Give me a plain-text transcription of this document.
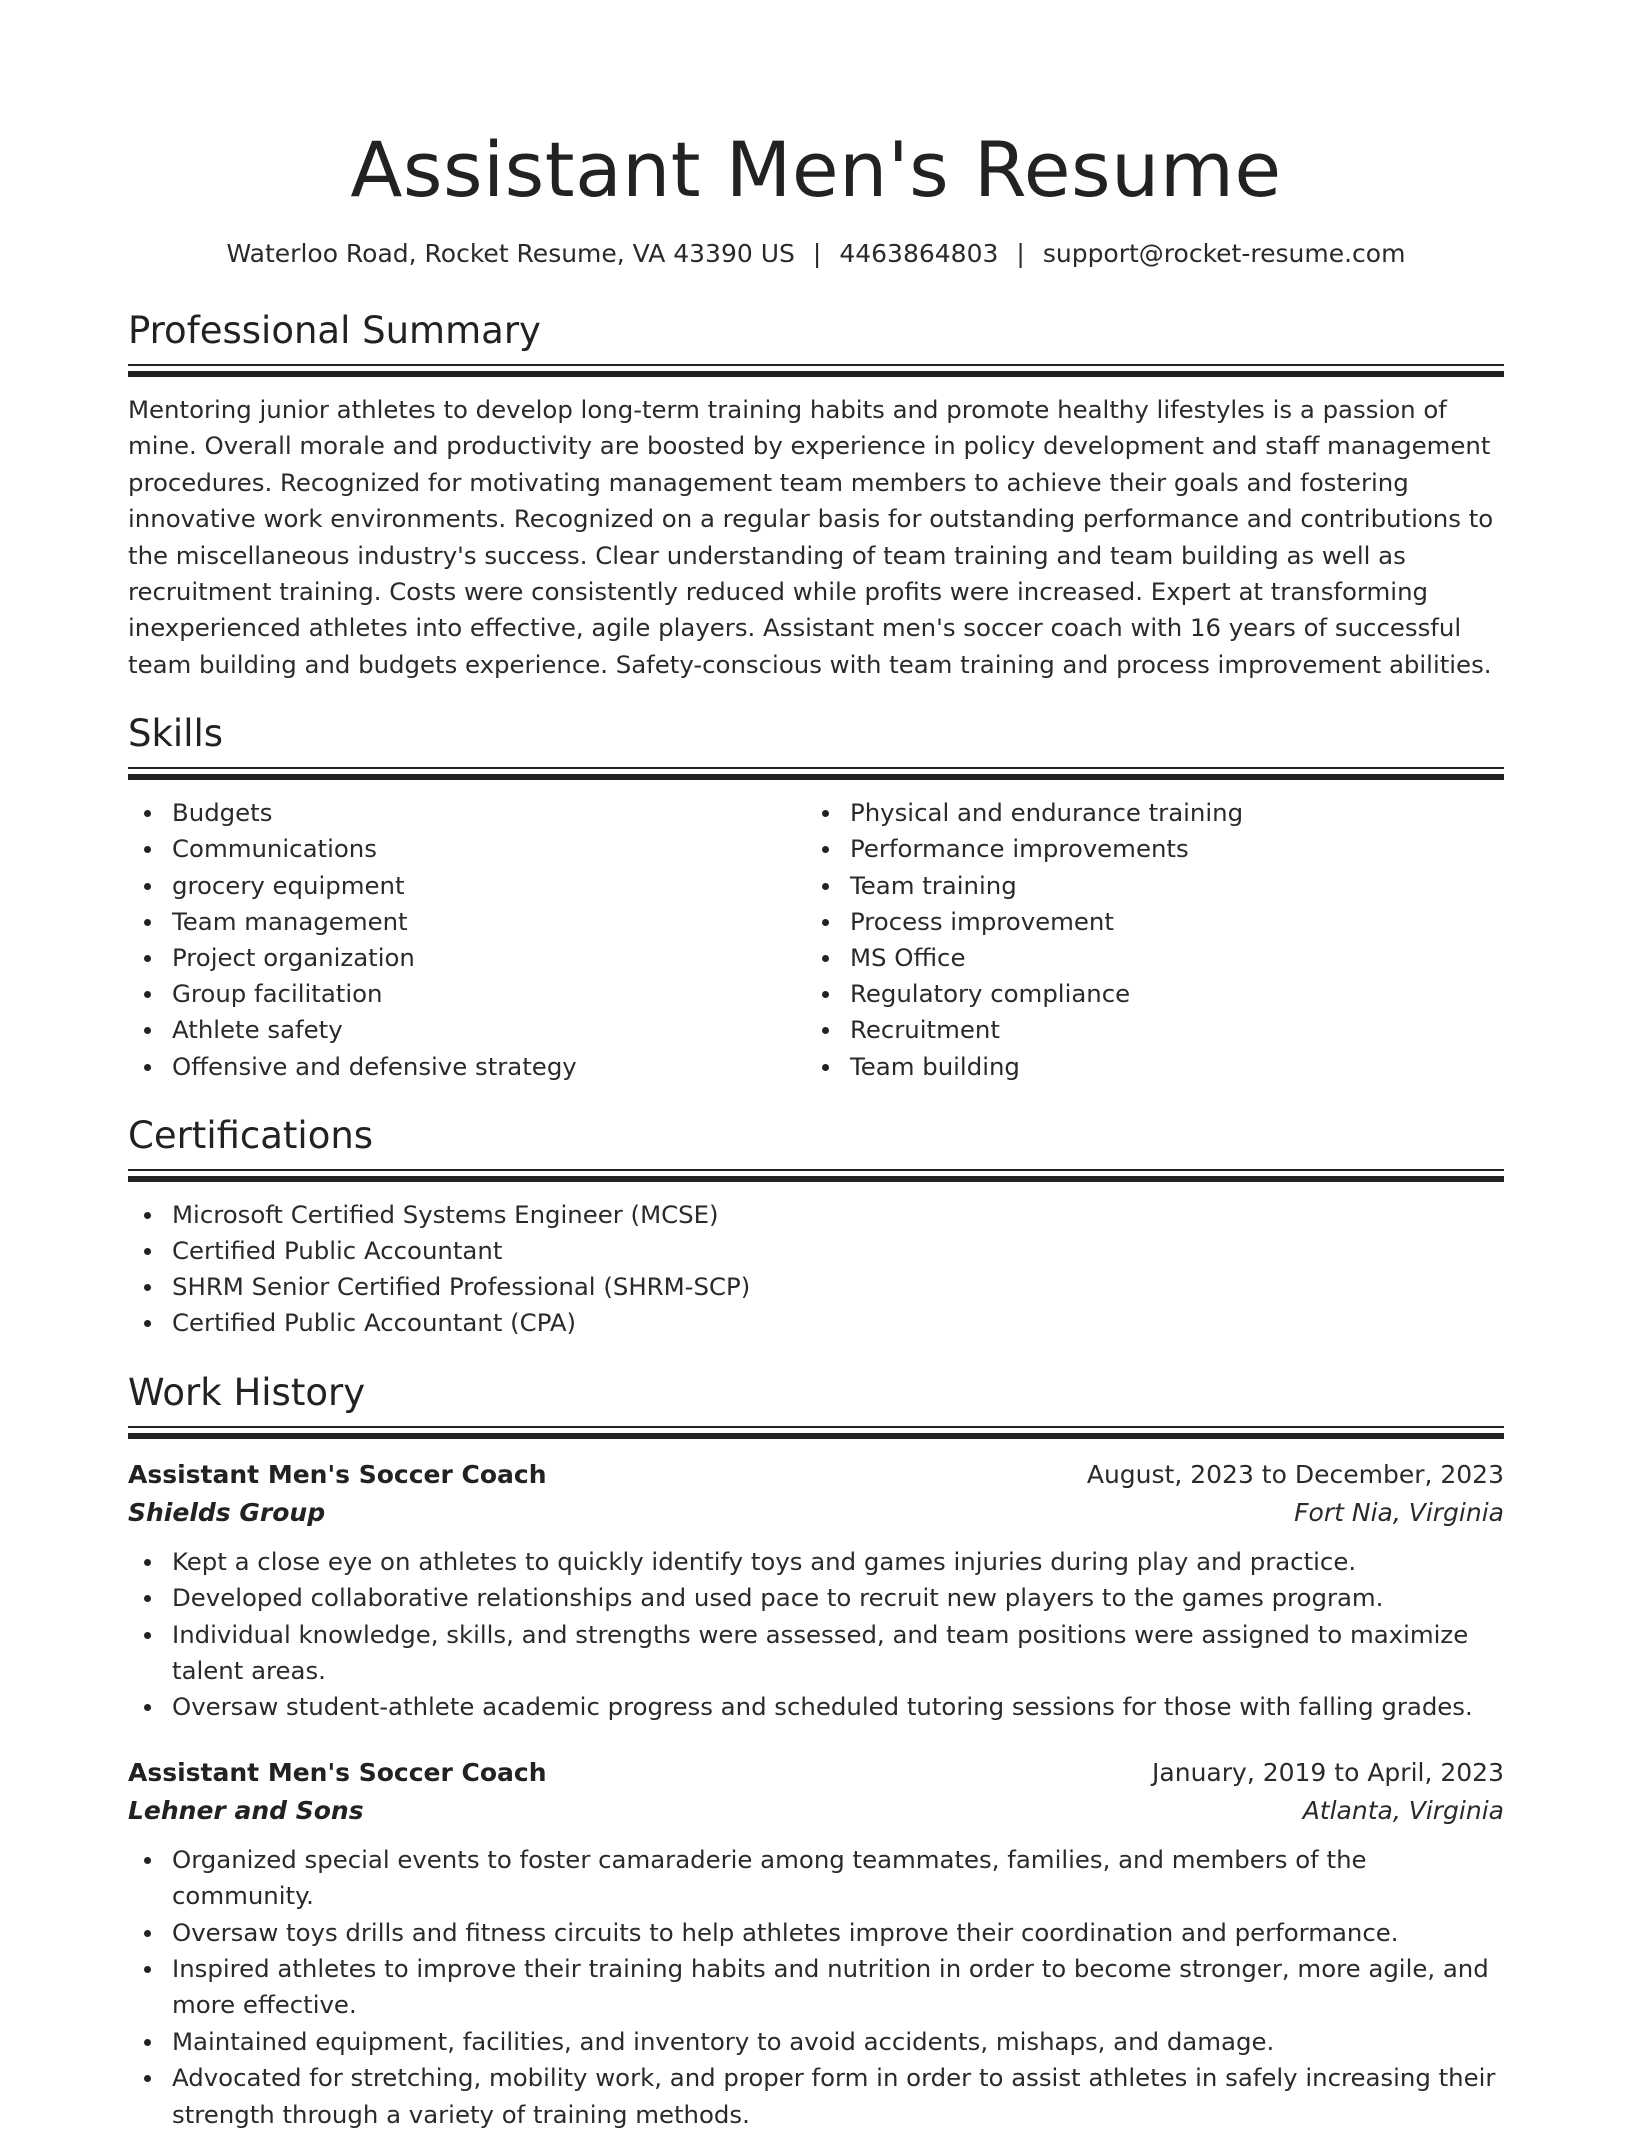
Assistant Men's Resume
Waterloo Road, Rocket Resume, VA 43390 US | 4463864803 | support@rocket-resume.com
Professional Summary
Mentoring junior athletes to develop long-term training habits and promote healthy lifestyles is a passion of mine. Overall morale and productivity are boosted by experience in policy development and staff management procedures. Recognized for motivating management team members to achieve their goals and fostering innovative work environments. Recognized on a regular basis for outstanding performance and contributions to the miscellaneous industry's success. Clear understanding of team training and team building as well as recruitment training. Costs were consistently reduced while profits were increased. Expert at transforming inexperienced athletes into effective, agile players. Assistant men's soccer coach with 16 years of successful team building and budgets experience. Safety-conscious with team training and process improvement abilities.
Skills
Budgets
Communications
grocery equipment
Team management
Project organization
Group facilitation
Athlete safety
Offensive and defensive strategy
Physical and endurance training
Performance improvements
Team training
Process improvement
MS Office
Regulatory compliance
Recruitment
Team building
Certifications
Microsoft Certified Systems Engineer (MCSE)
Certified Public Accountant
SHRM Senior Certified Professional (SHRM-SCP)
Certified Public Accountant (CPA)
Work History
Assistant Men's Soccer Coach	August, 2023 to December, 2023
Shields Group	Fort Nia, Virginia
Kept a close eye on athletes to quickly identify toys and games injuries during play and practice.
Developed collaborative relationships and used pace to recruit new players to the games program.
Individual knowledge, skills, and strengths were assessed, and team positions were assigned to maximize talent areas.
Oversaw student-athlete academic progress and scheduled tutoring sessions for those with falling grades.
Assistant Men's Soccer Coach	January, 2019 to April, 2023
Lehner and Sons	Atlanta, Virginia
Organized special events to foster camaraderie among teammates, families, and members of the community.
Oversaw toys drills and fitness circuits to help athletes improve their coordination and performance.
Inspired athletes to improve their training habits and nutrition in order to become stronger, more agile, and more effective.
Maintained equipment, facilities, and inventory to avoid accidents, mishaps, and damage.
Advocated for stretching, mobility work, and proper form in order to assist athletes in safely increasing their strength through a variety of training methods.
